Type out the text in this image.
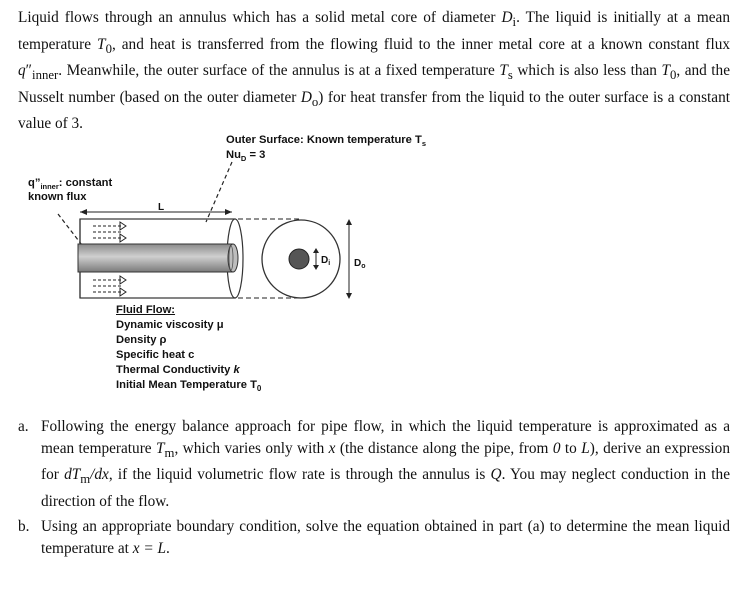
Liquid flows through an annulus which has a solid metal core of diameter $D_i$. The liquid is initially at a mean temperature $T_0$, and heat is transferred from the flowing fluid to the inner metal core at a known constant flux $q''_{inner}$. Meanwhile, the outer surface of the annulus is at a fixed temperature $T_s$ which is also less than $T_0$, and the Nusselt number (based on the outer diameter $D_o$) for heat transfer from the liquid to the outer surface is a constant value of 3.

Outer Surface: Known temperature $T_s$
$Nu_D = 3$
$q”_{inner}$: constant
known flux
L
$D_i$ $D_o$
Fluid Flow:
Dynamic viscosity μ
Density ρ
Specific heat c
Thermal Conductivity k
Initial Mean Temperature $T_0$
a. Following the energy balance approach for pipe flow, in which the liquid temperature is approximated as a mean temperature $T_m$, which varies only with x (the distance along the pipe, from 0 to L), derive an expression for $dT_m/dx$, if the liquid volumetric flow rate is through the annulus is Q. You may neglect conduction in the direction of the flow.
b. Using an appropriate boundary condition, solve the equation obtained in part (a) to determine the mean liquid temperature at x = L.
